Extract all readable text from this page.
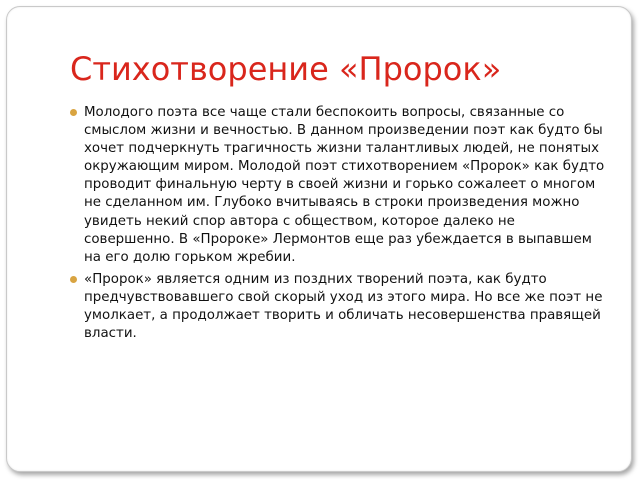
Стихотворение «Пророк»
Молодого поэта все чаще стали беспокоить вопросы, связанные со смыслом жизни и вечностью. В данном произведении поэт как будто бы хочет подчеркнуть трагичность жизни талантливых людей, не понятых окружающим миром. Молодой поэт стихотворением «Пророк» как будто проводит финальную черту в своей жизни и горько сожалеет о многом не сделанном им. Глубоко вчитываясь в строки произведения можно увидеть некий спор автора с обществом, которое далеко не совершенно. В «Пророке» Лермонтов еще раз убеждается в выпавшем на его долю горьком жребии.
«Пророк» является одним из поздних творений поэта, как будто предчувствовавшего свой скорый уход из этого мира. Но все же поэт не умолкает, а продолжает творить и обличать несовершенства правящей власти.
